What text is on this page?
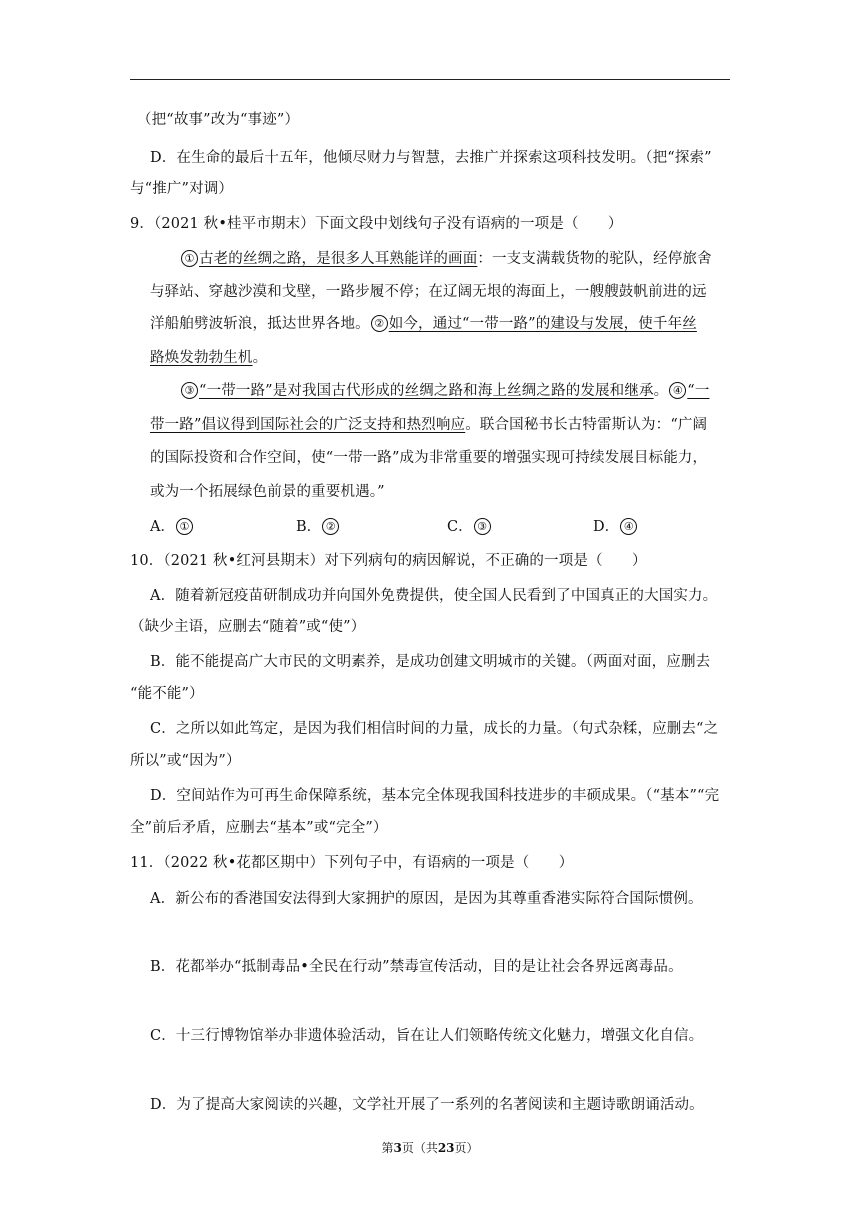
（把“故事”改为“事迹”）
D．在生命的最后十五年，他倾尽财力与智慧，去推广并探索这项科技发明。（把“探索”
与“推广”对调）
9．（2021 秋•桂平市期末）下面文段中划线句子没有语病的一项是（　　）
① 古老的丝绸之路，是很多人耳熟能详的画面：一支支满载货物的驼队，经停旅舍
与驿站、穿越沙漠和戈壁，一路步履不停；在辽阔无垠的海面上，一艘艘鼓帆前进的远
洋船舶劈波斩浪，抵达世界各地。 ② 如今，通过“一带一路”的建设与发展，使千年丝
路焕发勃勃生机。
③ “一带一路”是对我国古代形成的丝绸之路和海上丝绸之路的发展和继承。 ④ “一
带一路”倡议得到国际社会的广泛支持和热烈响应。联合国秘书长古特雷斯认为：“广阔
的国际投资和合作空间，使“一带一路”成为非常重要的增强实现可持续发展目标能力，
或为一个拓展绿色前景的重要机遇。”
A． ①	B． ②	C． ③	D． ④
10．（2021 秋•红河县期末）对下列病句的病因解说，不正确的一项是（　　）
A．随着新冠疫苗研制成功并向国外免费提供，使全国人民看到了中国真正的大国实力。
（缺少主语，应删去“随着”或“使”）
B．能不能提高广大市民的文明素养，是成功创建文明城市的关键。（两面对面，应删去
“能不能”）
C．之所以如此笃定，是因为我们相信时间的力量，成长的力量。（句式杂糅，应删去“之
所以”或“因为”）
D．空间站作为可再生命保障系统，基本完全体现我国科技进步的丰硕成果。（“基本”“完
全”前后矛盾，应删去“基本”或“完全”）
11．（2022 秋•花都区期中）下列句子中，有语病的一项是（　　）
A．新公布的香港国安法得到大家拥护的原因，是因为其尊重香港实际符合国际惯例。
B．花都举办“抵制毒品•全民在行动”禁毒宣传活动，目的是让社会各界远离毒品。
C．十三行博物馆举办非遗体验活动，旨在让人们领略传统文化魅力，增强文化自信。
D．为了提高大家阅读的兴趣，文学社开展了一系列的名著阅读和主题诗歌朗诵活动。
第3页（共23页）
